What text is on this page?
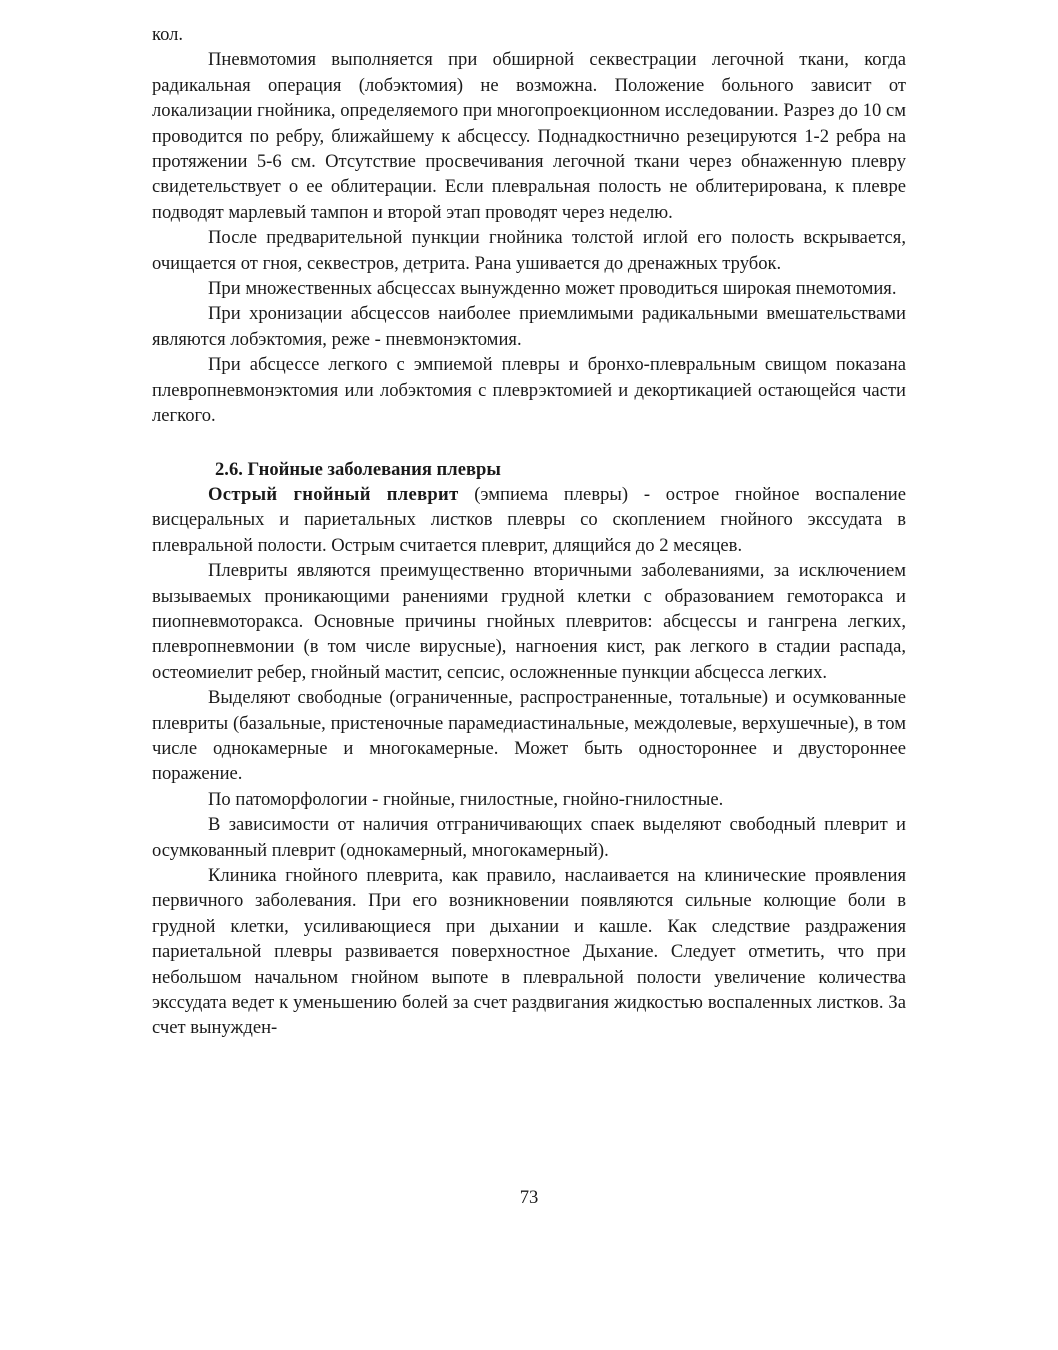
кол.

Пневмотомия выполняется при обширной секвестрации легочной ткани, когда радикальная операция (лобэктомия) не возможна. Положение больного зависит от локализации гнойника, определяемого при многопроекционном исследовании. Разрез до 10 см проводится по ребру, ближайшему к абсцессу. Поднадкостнично резецируются 1-2 ребра на протяжении 5-6 см. Отсутствие просвечивания легочной ткани через обнаженную плевру свидетельствует о ее облитерации. Если плевральная полость не облитерирована, к плевре подводят марлевый тампон и второй этап проводят через неделю.

После предварительной пункции гнойника толстой иглой его полость вскрывается, очищается от гноя, секвестров, детрита. Рана ушивается до дренажных трубок.

При множественных абсцессах вынужденно может проводиться широкая пнемотомия.

При хронизации абсцессов наиболее приемлимыми радикальными вмешательствами являются лобэктомия, реже - пневмонэктомия.

При абсцессе легкого с эмпиемой плевры и бронхо-плевральным свищом показана плевропневмонэктомия или лобэктомия с плеврэктомией и декортикацией остающейся части легкого.

2.6. Гнойные заболевания плевры

Острый гнойный плеврит (эмпиема плевры) - острое гнойное воспаление висцеральных и париетальных листков плевры со скоплением гнойного экссудата в плевральной полости. Острым считается плеврит, длящийся до 2 месяцев.

Плевриты являются преимущественно вторичными заболеваниями, за исключением вызываемых проникающими ранениями грудной клетки с образованием гемоторакса и пиопневмоторакса. Основные причины гнойных плевритов: абсцессы и гангрена легких, плевропневмонии (в том числе вирусные), нагноения кист, рак легкого в стадии распада, остеомиелит ребер, гнойный мастит, сепсис, осложненные пункции абсцесса легких.

Выделяют свободные (ограниченные, распространенные, тотальные) и осумкованные плевриты (базальные, пристеночные парамедиастинальные, междолевые, верхушечные), в том числе однокамерные и многокамерные. Может быть одностороннее и двустороннее поражение.

По патоморфологии - гнойные, гнилостные, гнойно-гнилостные.

В зависимости от наличия отграничивающих спаек выделяют свободный плеврит и осумкованный плеврит (однокамерный, многокамерный).

Клиника гнойного плеврита, как правило, наслаивается на клинические проявления первичного заболевания. При его возникновении появляются сильные колющие боли в грудной клетки, усиливающиеся при дыхании и кашле. Как следствие раздражения париетальной плевры развивается поверхностное Дыхание. Следует отметить, что при небольшом начальном гнойном выпоте в плевральной полости увеличение количества экссудата ведет к уменьшению болей за счет раздвигания жидкостью воспаленных листков. За счет вынужден-

73
